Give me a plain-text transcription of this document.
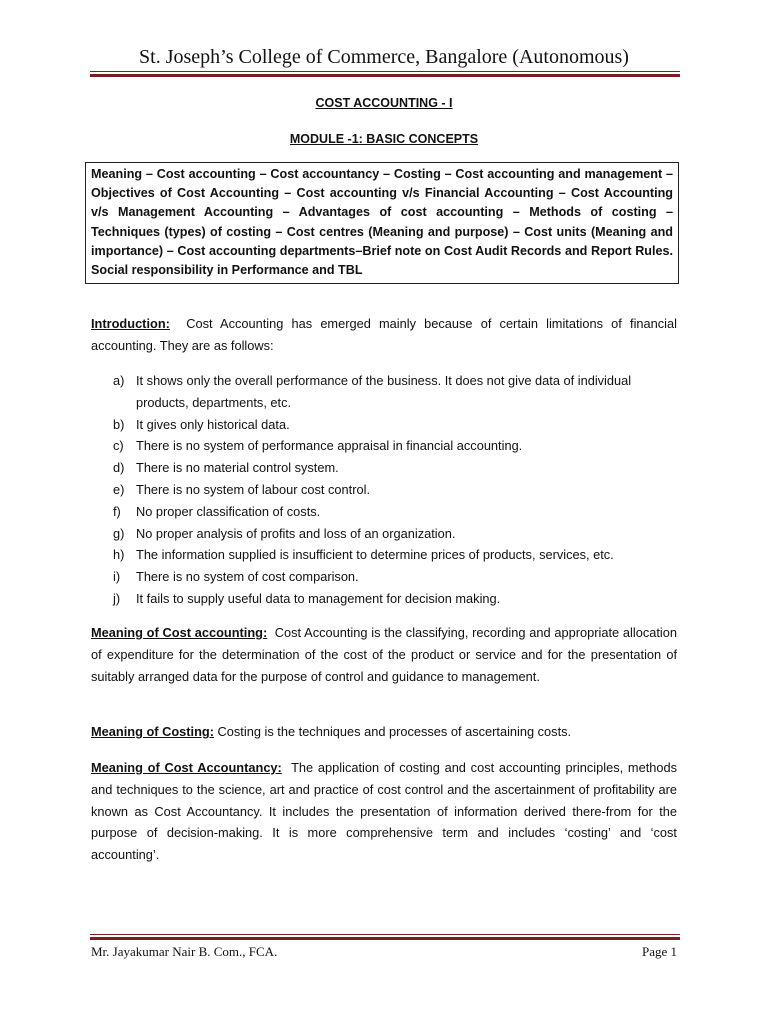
St. Joseph’s College of Commerce, Bangalore (Autonomous)
COST ACCOUNTING - I
MODULE -1: BASIC CONCEPTS
Meaning – Cost accounting – Cost accountancy – Costing – Cost accounting and management – Objectives of Cost Accounting – Cost accounting v/s Financial Accounting – Cost Accounting v/s Management Accounting – Advantages of cost accounting – Methods of costing – Techniques (types) of costing – Cost centres (Meaning and purpose) – Cost units (Meaning and importance) – Cost accounting departments–Brief note on Cost Audit Records and Report Rules. Social responsibility in Performance and TBL
Introduction: Cost Accounting has emerged mainly because of certain limitations of financial accounting. They are as follows:
a) It shows only the overall performance of the business. It does not give data of individual products, departments, etc.
b) It gives only historical data.
c) There is no system of performance appraisal in financial accounting.
d) There is no material control system.
e) There is no system of labour cost control.
f) No proper classification of costs.
g) No proper analysis of profits and loss of an organization.
h) The information supplied is insufficient to determine prices of products, services, etc.
i) There is no system of cost comparison.
j) It fails to supply useful data to management for decision making.
Meaning of Cost accounting: Cost Accounting is the classifying, recording and appropriate allocation of expenditure for the determination of the cost of the product or service and for the presentation of suitably arranged data for the purpose of control and guidance to management.
Meaning of Costing: Costing is the techniques and processes of ascertaining costs.
Meaning of Cost Accountancy: The application of costing and cost accounting principles, methods and techniques to the science, art and practice of cost control and the ascertainment of profitability are known as Cost Accountancy. It includes the presentation of information derived there-from for the purpose of decision-making. It is more comprehensive term and includes ‘costing’ and ‘cost accounting’.
Mr. Jayakumar Nair B. Com., FCA.	Page 1
